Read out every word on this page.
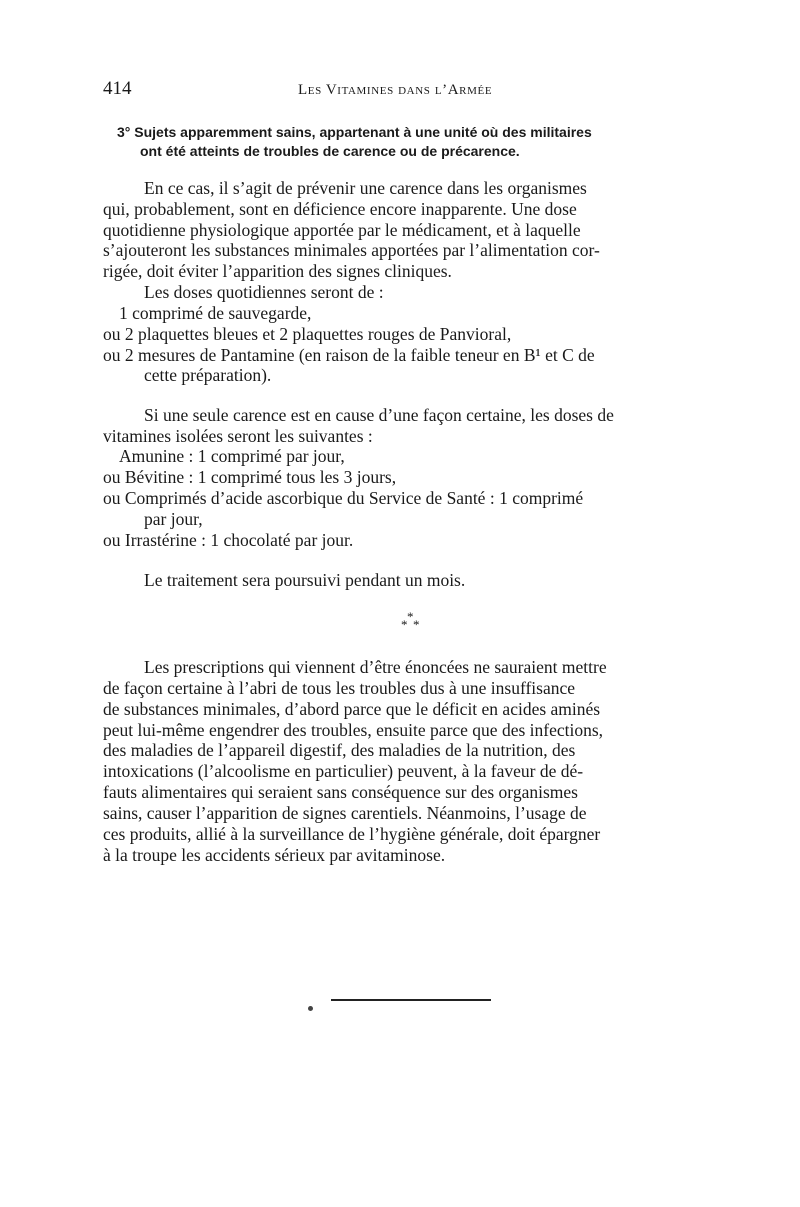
414	Les Vitamines dans l’Armée
3° Sujets apparemment sains, appartenant à une unité où des militaires
ont été atteints de troubles de carence ou de précarence.
En ce cas, il s’agit de prévenir une carence dans les organismes
qui, probablement, sont en déficience encore inapparente. Une dose
quotidienne physiologique apportée par le médicament, et à laquelle
s’ajouteront les substances minimales apportées par l’alimentation cor-
rigée, doit éviter l’apparition des signes cliniques.
Les doses quotidiennes seront de :
1 comprimé de sauvegarde,
ou 2 plaquettes bleues et 2 plaquettes rouges de Panvioral,
ou 2 mesures de Pantamine (en raison de la faible teneur en B¹ et C de
cette préparation).
Si une seule carence est en cause d’une façon certaine, les doses de
vitamines isolées seront les suivantes :
Amunine : 1 comprimé par jour,
ou Bévitine : 1 comprimé tous les 3 jours,
ou Comprimés d’acide ascorbique du Service de Santé : 1 comprimé
par jour,
ou Irrastérine : 1 chocolaté par jour.
Le traitement sera poursuivi pendant un mois.
*
* *
Les prescriptions qui viennent d’être énoncées ne sauraient mettre
de façon certaine à l’abri de tous les troubles dus à une insuffisance
de substances minimales, d’abord parce que le déficit en acides aminés
peut lui-même engendrer des troubles, ensuite parce que des infections,
des maladies de l’appareil digestif, des maladies de la nutrition, des
intoxications (l’alcoolisme en particulier) peuvent, à la faveur de dé-
fauts alimentaires qui seraient sans conséquence sur des organismes
sains, causer l’apparition de signes carentiels. Néanmoins, l’usage de
ces produits, allié à la surveillance de l’hygiène générale, doit épargner
à la troupe les accidents sérieux par avitaminose.
